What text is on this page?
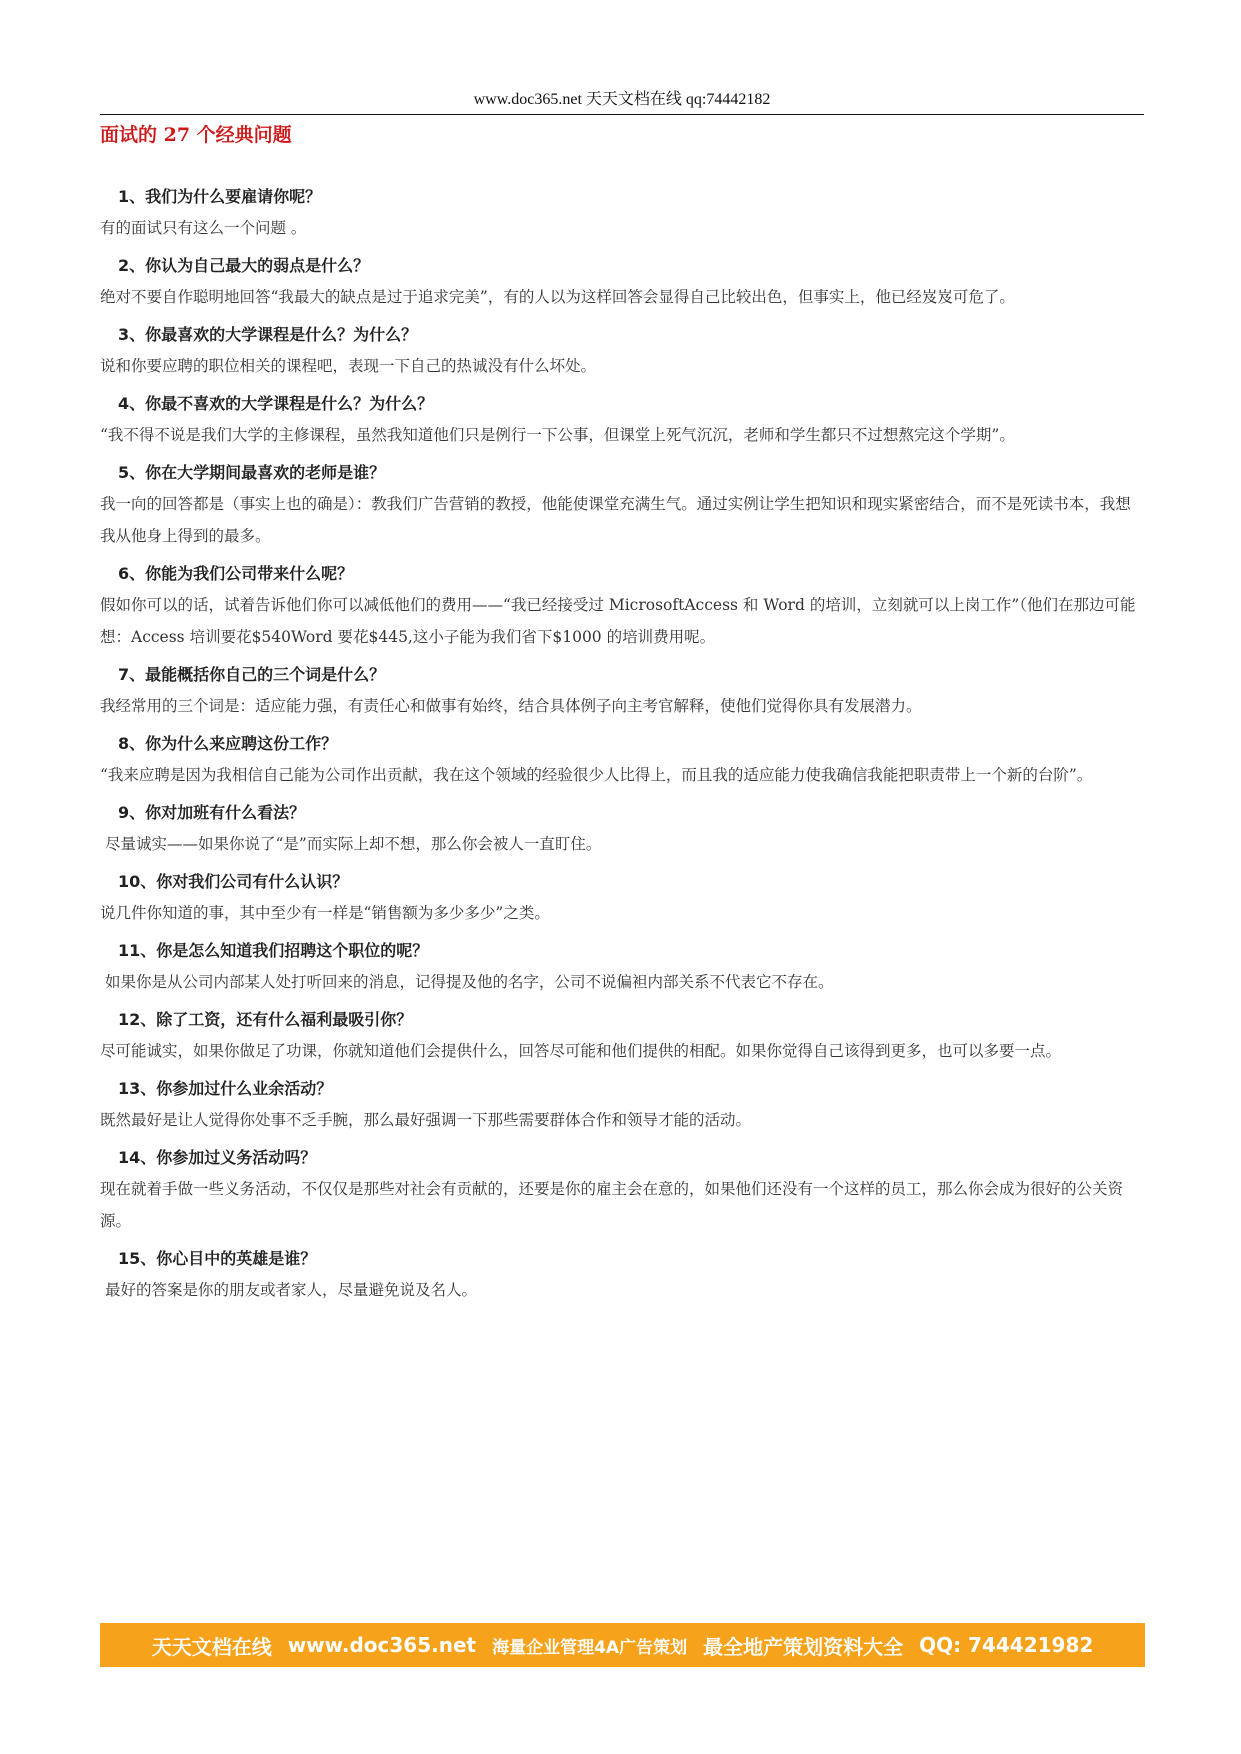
www.doc365.net 天天文档在线 qq:74442182
面试的 27 个经典问题
1、我们为什么要雇请你呢？
有的面试只有这么一个问题 。
2、你认为自己最大的弱点是什么？
绝对不要自作聪明地回答“我最大的缺点是过于追求完美”，有的人以为这样回答会显得自己比较出色，但事实上，他已经岌岌可危了。
3、你最喜欢的大学课程是什么？为什么？
说和你要应聘的职位相关的课程吧，表现一下自己的热诚没有什么坏处。
4、你最不喜欢的大学课程是什么？为什么？
“我不得不说是我们大学的主修课程，虽然我知道他们只是例行一下公事，但课堂上死气沉沉，老师和学生都只不过想熬完这个学期”。
5、你在大学期间最喜欢的老师是谁？
我一向的回答都是（事实上也的确是）：教我们广告营销的教授，他能使课堂充满生气。通过实例让学生把知识和现实紧密结合，而不是死读书本，我想我从他身上得到的最多。
6、你能为我们公司带来什么呢？
假如你可以的话，试着告诉他们你可以减低他们的费用——“我已经接受过 MicrosoftAccess 和 Word 的培训，立刻就可以上岗工作”（他们在那边可能想：Access 培训要花$540Word 要花$445,这小子能为我们省下$1000 的培训费用呢。
7、最能概括你自己的三个词是什么？
我经常用的三个词是：适应能力强，有责任心和做事有始终，结合具体例子向主考官解释，使他们觉得你具有发展潜力。
8、你为什么来应聘这份工作？
“我来应聘是因为我相信自己能为公司作出贡献，我在这个领域的经验很少人比得上，而且我的适应能力使我确信我能把职责带上一个新的台阶”。
9、你对加班有什么看法？
尽量诚实——如果你说了“是”而实际上却不想，那么你会被人一直盯住。
10、你对我们公司有什么认识？
说几件你知道的事，其中至少有一样是“销售额为多少多少”之类。
11、你是怎么知道我们招聘这个职位的呢？
如果你是从公司内部某人处打听回来的消息，记得提及他的名字，公司不说偏袒内部关系不代表它不存在。
12、除了工资，还有什么福利最吸引你？
尽可能诚实，如果你做足了功课，你就知道他们会提供什么，回答尽可能和他们提供的相配。如果你觉得自己该得到更多，也可以多要一点。
13、你参加过什么业余活动？
既然最好是让人觉得你处事不乏手腕，那么最好强调一下那些需要群体合作和领导才能的活动。
14、你参加过义务活动吗？
现在就着手做一些义务活动，不仅仅是那些对社会有贡献的，还要是你的雇主会在意的，如果他们还没有一个这样的员工，那么你会成为很好的公关资源。
15、你心目中的英雄是谁？
最好的答案是你的朋友或者家人，尽量避免说及名人。
天天文档在线 www.doc365.net 海量企业管理4A广告策划 最全地产策划资料大全 QQ: 744421982
